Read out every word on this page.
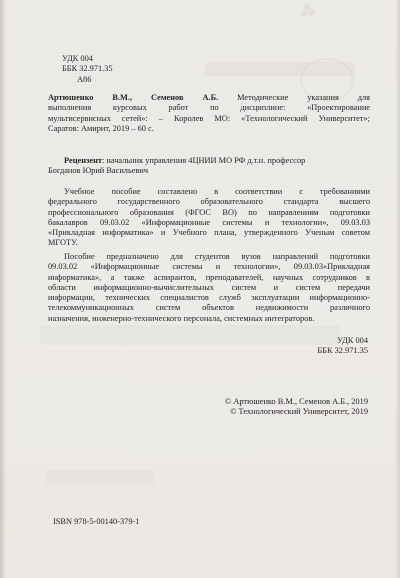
⁂
УДК 004
ББК 32.971.35
А86
Артюшенко В.М., Семенов А.Б. Методические указания для
выполнения курсовых работ по дисциплине: «Проектирование
мультисервисных сетей»: – Королев МО: «Технологический Университет»;
Саратов: Амирит, 2019 – 60 с.
Рецензент: начальник управления 4ЦНИИ МО РФ д.т.н. профессор
Богданов Юрий Васильевич
Учебное пособие составлено в соответствии с требованиями
федерального государственного образовательного стандарта высшего
профессионального образования (ФГОС ВО) по направлениям подготовки
бакалавров 09.03.02 «Информационные системы и технологии», 09.03.03
«Прикладная информатика» и Учебного плана, утвержденного Ученым советом
МГОТУ.
Пособие предназначено для студентов вузов направлений подготовки
09.03.02 «Информационные системы и технологии», 09.03.03«Прикладная
информатика», а также аспирантов, преподавателей, научных сотрудников в
области информационно-вычислительных систем и систем передачи
информации, технических специалистов служб эксплуатации информационно-
телекоммуникационных систем объектов недвижимости различного
назначения, инженерно-технического персонала, системных интеграторов.
УДК 004
ББК 32.971.35
© Артюшенко В.М., Семенов А.Б., 2019
© Технологический Университет, 2019
ISBN 978-5-00140-379-1
